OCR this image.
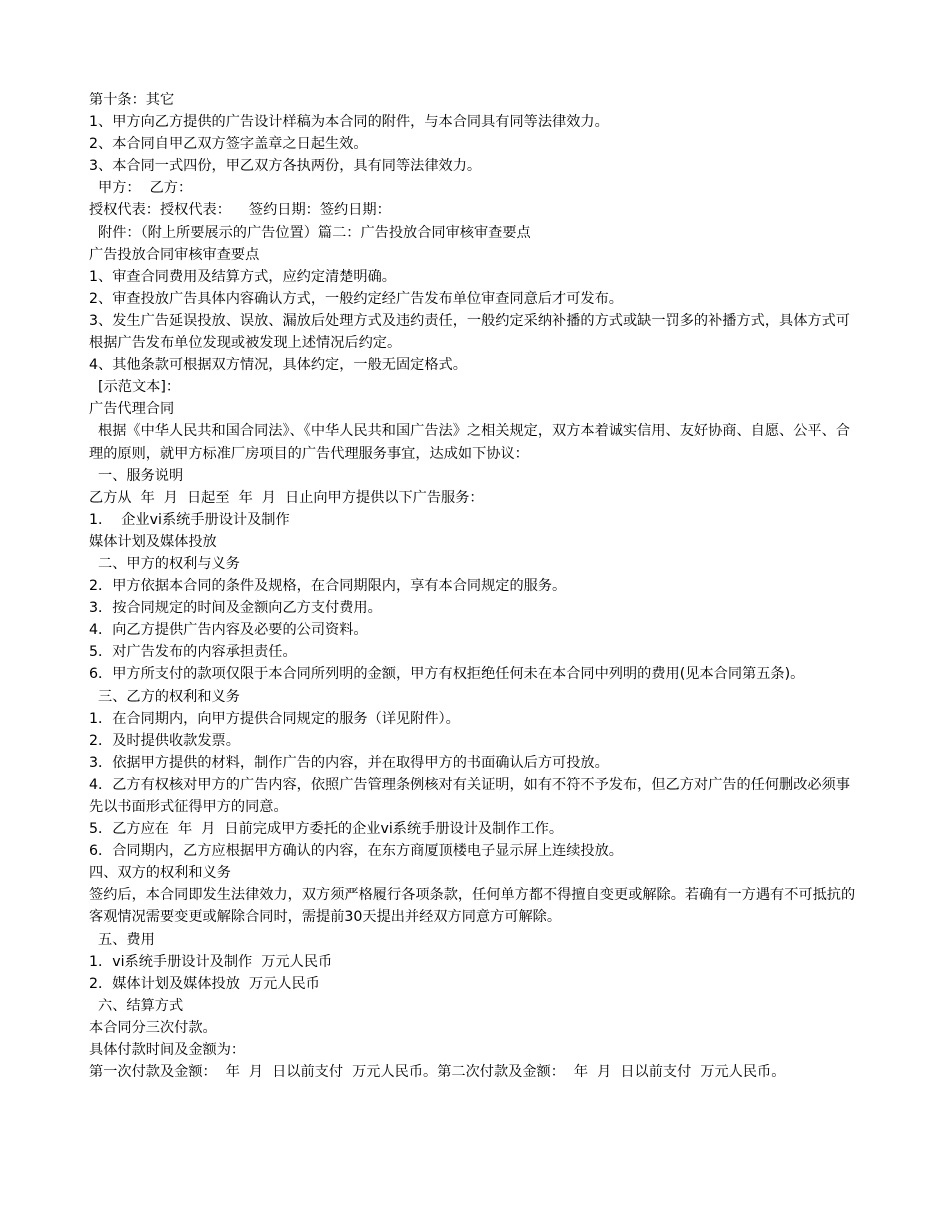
第十条：其它

1、甲方向乙方提供的广告设计样稿为本合同的附件，与本合同具有同等法律效力。

2、本合同自甲乙双方签字盖章之日起生效。

3、本合同一式四份，甲乙双方各执两份，具有同等法律效力。

甲方：  乙方：

授权代表：授权代表：    签约日期：签约日期：

附件：（附上所要展示的广告位置）篇二：广告投放合同审核审查要点

广告投放合同审核审查要点

1、审查合同费用及结算方式，应约定清楚明确。

2、审查投放广告具体内容确认方式，一般约定经广告发布单位审查同意后才可发布。

3、发生广告延误投放、误放、漏放后处理方式及违约责任，一般约定采纳补播的方式或缺一罚多的补播方式，具体方式可根据广告发布单位发现或被发现上述情况后约定。

4、其他条款可根据双方情况，具体约定，一般无固定格式。

[示范文本]：

广告代理合同

根据《中华人民共和国合同法》、《中华人民共和国广告法》之相关规定，双方本着诚实信用、友好协商、自愿、公平、合理的原则，就甲方标准厂房项目的广告代理服务事宜，达成如下协议：

一、服务说明

乙方从  年  月  日起至  年  月  日止向甲方提供以下广告服务：

1．  企业vi系统手册设计及制作

媒体计划及媒体投放

二、甲方的权利与义务

2．甲方依据本合同的条件及规格，在合同期限内，享有本合同规定的服务。

3．按合同规定的时间及金额向乙方支付费用。

4．向乙方提供广告内容及必要的公司资料。

5．对广告发布的内容承担责任。

6．甲方所支付的款项仅限于本合同所列明的金额，甲方有权拒绝任何未在本合同中列明的费用(见本合同第五条)。

三、乙方的权利和义务

1．在合同期内，向甲方提供合同规定的服务（详见附件）。

2．及时提供收款发票。

3．依据甲方提供的材料，制作广告的内容，并在取得甲方的书面确认后方可投放。

4．乙方有权核对甲方的广告内容，依照广告管理条例核对有关证明，如有不符不予发布，但乙方对广告的任何删改必须事先以书面形式征得甲方的同意。

5．乙方应在  年  月  日前完成甲方委托的企业vi系统手册设计及制作工作。

6．合同期内，乙方应根据甲方确认的内容，在东方商厦顶楼电子显示屏上连续投放。

四、双方的权利和义务

签约后，本合同即发生法律效力，双方须严格履行各项条款，任何单方都不得擅自变更或解除。若确有一方遇有不可抵抗的客观情况需要变更或解除合同时，需提前30天提出并经双方同意方可解除。

五、费用

1．vi系统手册设计及制作  万元人民币

2．媒体计划及媒体投放  万元人民币

六、结算方式

本合同分三次付款。

具体付款时间及金额为：

第一次付款及金额：  年  月  日以前支付  万元人民币。第二次付款及金额：  年  月  日以前支付  万元人民币。
